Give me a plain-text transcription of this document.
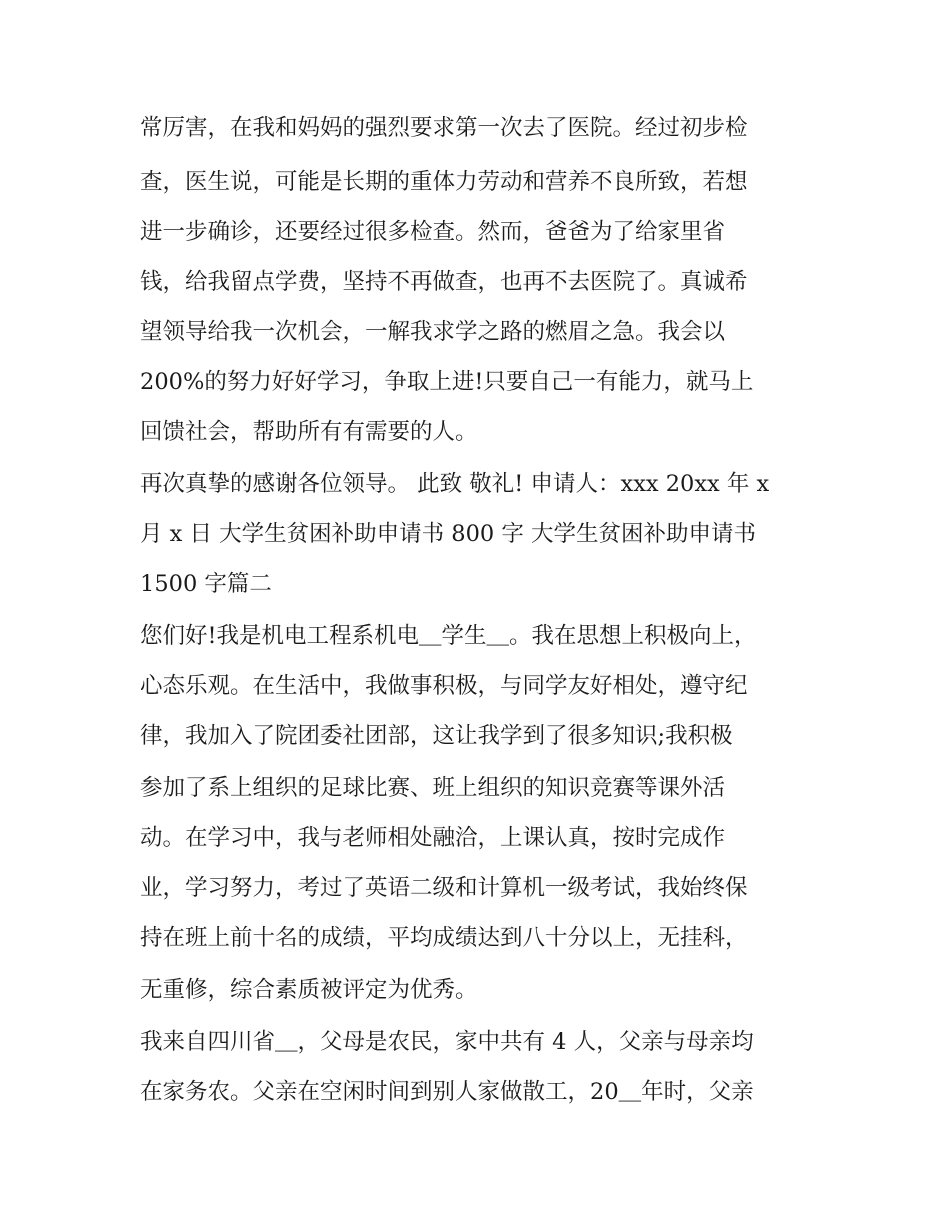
常厉害，在我和妈妈的强烈要求第一次去了医院。经过初步检
查，医生说，可能是长期的重体力劳动和营养不良所致，若想
进一步确诊，还要经过很多检查。然而，爸爸为了给家里省
钱，给我留点学费，坚持不再做查，也再不去医院了。真诚希
望领导给我一次机会，一解我求学之路的燃眉之急。我会以
200%的努力好好学习，争取上进!只要自己一有能力，就马上
回馈社会，帮助所有有需要的人。
再次真挚的感谢各位领导。 此致 敬礼! 申请人：xxx 20xx 年 x
月 x 日 大学生贫困补助申请书 800 字 大学生贫困补助申请书
1500 字篇二
您们好!我是机电工程系机电＿学生＿。我在思想上积极向上，
心态乐观。在生活中，我做事积极，与同学友好相处，遵守纪
律，我加入了院团委社团部，这让我学到了很多知识;我积极
参加了系上组织的足球比赛、班上组织的知识竞赛等课外活
动。在学习中，我与老师相处融洽，上课认真，按时完成作
业，学习努力，考过了英语二级和计算机一级考试，我始终保
持在班上前十名的成绩，平均成绩达到八十分以上，无挂科，
无重修，综合素质被评定为优秀。
我来自四川省＿，父母是农民，家中共有 4 人，父亲与母亲均
在家务农。父亲在空闲时间到别人家做散工，20＿年时，父亲
